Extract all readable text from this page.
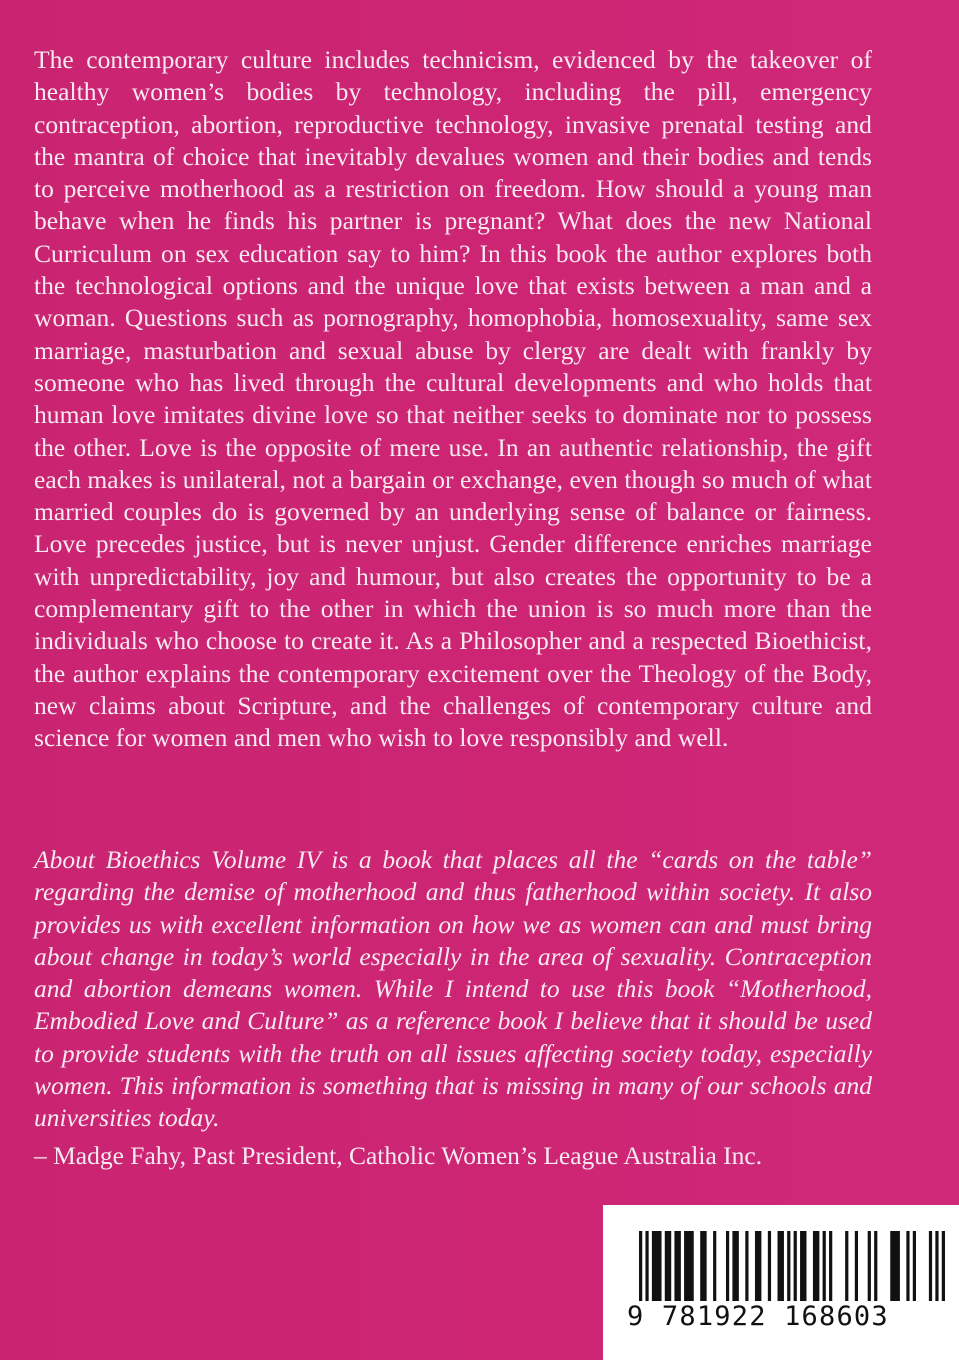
The contemporary culture includes technicism, evidenced by the takeover of healthy women’s bodies by technology, including the pill, emergency contraception, abortion, reproductive technology, invasive prenatal testing and the mantra of choice that inevitably devalues women and their bodies and tends to perceive motherhood as a restriction on freedom. How should a young man behave when he finds his partner is pregnant? What does the new National Curriculum on sex education say to him? In this book the author explores both the technological options and the unique love that exists between a man and a woman. Questions such as pornography, homophobia, homosexuality, same sex marriage, masturbation and sexual abuse by clergy are dealt with frankly by someone who has lived through the cultural developments and who holds that human love imitates divine love so that neither seeks to dominate nor to possess the other. Love is the opposite of mere use. In an authentic relationship, the gift each makes is unilateral, not a bargain or exchange, even though so much of what married couples do is governed by an underlying sense of balance or fairness. Love precedes justice, but is never unjust. Gender difference enriches marriage with unpredictability, joy and humour, but also creates the opportunity to be a complementary gift to the other in which the union is so much more than the individuals who choose to create it. As a Philosopher and a respected Bioethicist, the author explains the contemporary excitement over the Theology of the Body, new claims about Scripture, and the challenges of contemporary culture and science for women and men who wish to love responsibly and well.

About Bioethics Volume IV is a book that places all the “cards on the table” regarding the demise of motherhood and thus fatherhood within society. It also provides us with excellent information on how we as women can and must bring about change in today’s world especially in the area of sexuality. Contraception and abortion demeans women. While I intend to use this book “Motherhood, Embodied Love and Culture” as a reference book I believe that it should be used to provide students with the truth on all issues affecting society today, especially women. This information is something that is missing in many of our schools and universities today.

– Madge Fahy, Past President, Catholic Women’s League Australia Inc.

9 781922 168603
